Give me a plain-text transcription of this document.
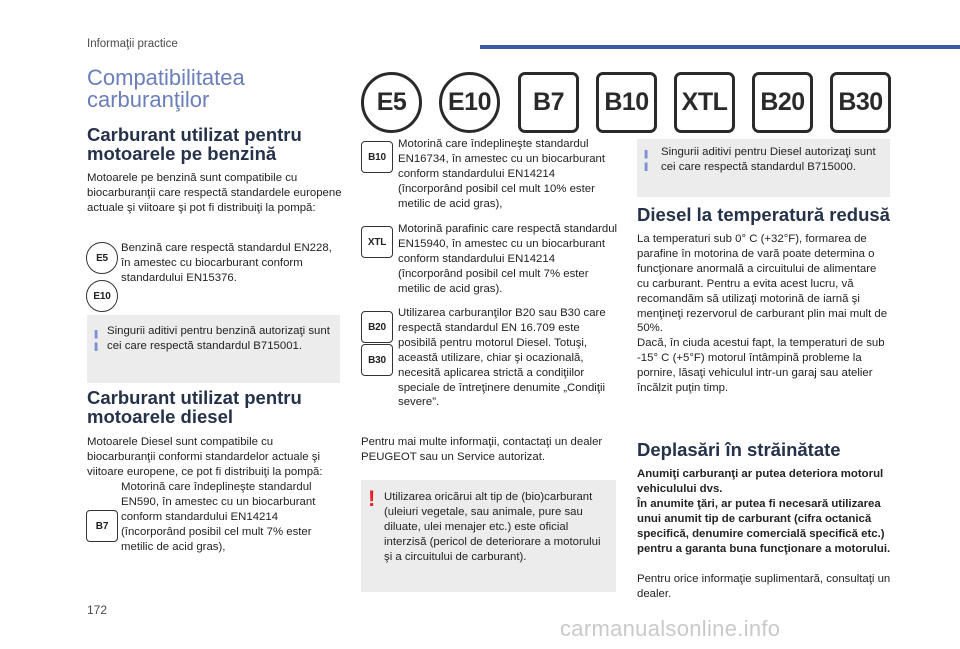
Informaţii practice
Compatibilitatea carburanţilor	E5	E10	B7	B10	XTL	B20	B30
Carburant utilizat pentru motoarele pe benzină

Motoarele pe benzină sunt compatibile cu biocarburanţii care respectă standardele europene actuale şi viitoare şi pot fi distribuiţi la pompă:

E5
E10

Benzină care respectă standardul EN228, în amestec cu biocarburant conform standardului EN15376.

¦ Singurii aditivi pentru benzină autorizaţi sunt cei care respectă standardul B715001.

Carburant utilizat pentru motoarele diesel

Motoarele Diesel sunt compatibile cu biocarburanţii conformi standardelor actuale şi viitoare europene, ce pot fi distribuiţi la pompă:

B7

Motorină care îndeplineşte standardul EN590, în amestec cu un biocarburant conform standardului EN14214 (încorporând posibil cel mult 7% ester metilic de acid gras),

B10

Motorină care îndeplineşte standardul EN16734, în amestec cu un biocarburant conform standardului EN14214 (încorporând posibil cel mult 10% ester metilic de acid gras),

XTL

Motorină parafinic care respectă standardul EN15940, în amestec cu un biocarburant conform standardului EN14214 (încorporând posibil cel mult 7% ester metilic de acid gras).

B20
B30

Utilizarea carburanţilor B20 sau B30 care respectă standardul EN 16.709 este posibilă pentru motorul Diesel. Totuşi, această utilizare, chiar şi ocazională, necesită aplicarea strictă a condiţiilor speciale de întreţinere denumite „Condiţii severe”.

Pentru mai multe informaţii, contactaţi un dealer PEUGEOT sau un Service autorizat.

! Utilizarea oricărui alt tip de (bio)carburant (uleiuri vegetale, sau animale, pure sau diluate, ulei menajer etc.) este oficial interzisă (pericol de deteriorare a motorului şi a circuitului de carburant).

¦ Singurii aditivi pentru Diesel autorizaţi sunt cei care respectă standardul B715000.

Diesel la temperatură redusă

La temperaturi sub 0° C (+32°F), formarea de parafine în motorina de vară poate determina o funcţionare anormală a circuitului de alimentare cu carburant. Pentru a evita acest lucru, vă recomandăm să utilizaţi motorină de iarnă şi menţineţi rezervorul de carburant plin mai mult de 50%.
Dacă, în ciuda acestui fapt, la temperaturi de sub -15° C (+5°F) motorul întâmpină probleme la pornire, lăsaţi vehiculul intr-un garaj sau atelier încălzit puţin timp.

Deplasări în străinătate

Anumiţi carburanţi ar putea deteriora motorul vehiculului dvs.
În anumite ţări, ar putea fi necesară utilizarea unui anumit tip de carburant (cifra octanică specifică, denumire comercială specifică etc.) pentru a garanta buna funcţionare a motorului.

Pentru orice informaţie suplimentară, consultaţi un dealer.

172
carmanualsonline.info
